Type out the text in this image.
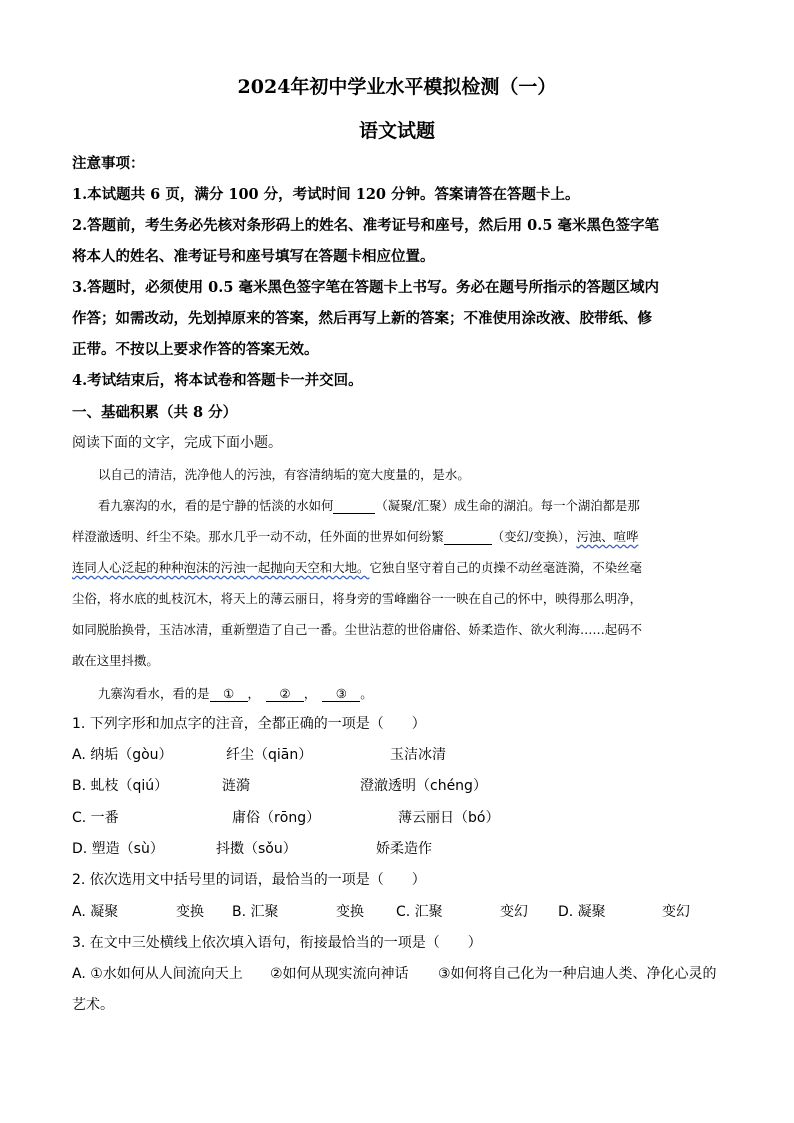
2024年初中学业水平模拟检测（一）
语文试题
注意事项：
1.本试题共 6 页，满分 100 分，考试时间 120 分钟。答案请答在答题卡上。
2.答题前，考生务必先核对条形码上的姓名、准考证号和座号，然后用 0.5 毫米黑色签字笔
将本人的姓名、准考证号和座号填写在答题卡相应位置。
3.答题时，必须使用 0.5 毫米黑色签字笔在答题卡上书写。务必在题号所指示的答题区域内
作答；如需改动，先划掉原来的答案，然后再写上新的答案；不准使用涂改液、胶带纸、修
正带。不按以上要求作答的答案无效。
4.考试结束后，将本试卷和答题卡一并交回。
一、基础积累（共 8 分）
阅读下面的文字，完成下面小题。
以自己的清洁，洗净他人的污浊，有容清纳垢的宽大度量的，是水。
看九寨沟的水，看的是宁静的恬淡的水如何	（凝聚/汇聚）成生命的湖泊。每一个湖泊都是那
样澄澈透明、纤尘不染。那水几乎一动不动，任外面的世界如何纷繁	（变幻/变换），污浊、喧哗
连同人心泛起的种种泡沫的污浊一起抛向天空和大地。它独自坚守着自己的贞操不动丝毫涟漪，不染丝毫
尘俗，将水底的虬枝沉木，将天上的薄云丽日，将身旁的雪峰幽谷一一映在自己的怀中，映得那么明净，
如同脱胎换骨，玉洁冰清，重新塑造了自己一番。尘世沾惹的世俗庸俗、娇柔造作、欲火利海……起码不
敢在这里抖擞。
九寨沟看水，看的是 ① ， ② ， ③ 。
1. 下列字形和加点字的注音，全都正确的一项是（　　）
A. 纳垢（gòu）	纤尘（qiān）	玉洁冰清
B. 虬枝（qiú）	涟漪	澄澈透明（chéng）
C. 一番	庸俗（rōng）	薄云丽日（bó）
D. 塑造（sù）	抖擞（sǒu）	娇柔造作
2. 依次选用文中括号里的词语，最恰当的一项是（　　）
A. 凝聚	变换 B. 汇聚	变换 C. 汇聚	变幻 D. 凝聚	变幻
3. 在文中三处横线上依次填入语句，衔接最恰当的一项是（　　）
A. ①水如何从人间流向天上 ②如何从现实流向神话 ③如何将自己化为一种启迪人类、净化心灵的
艺术。
